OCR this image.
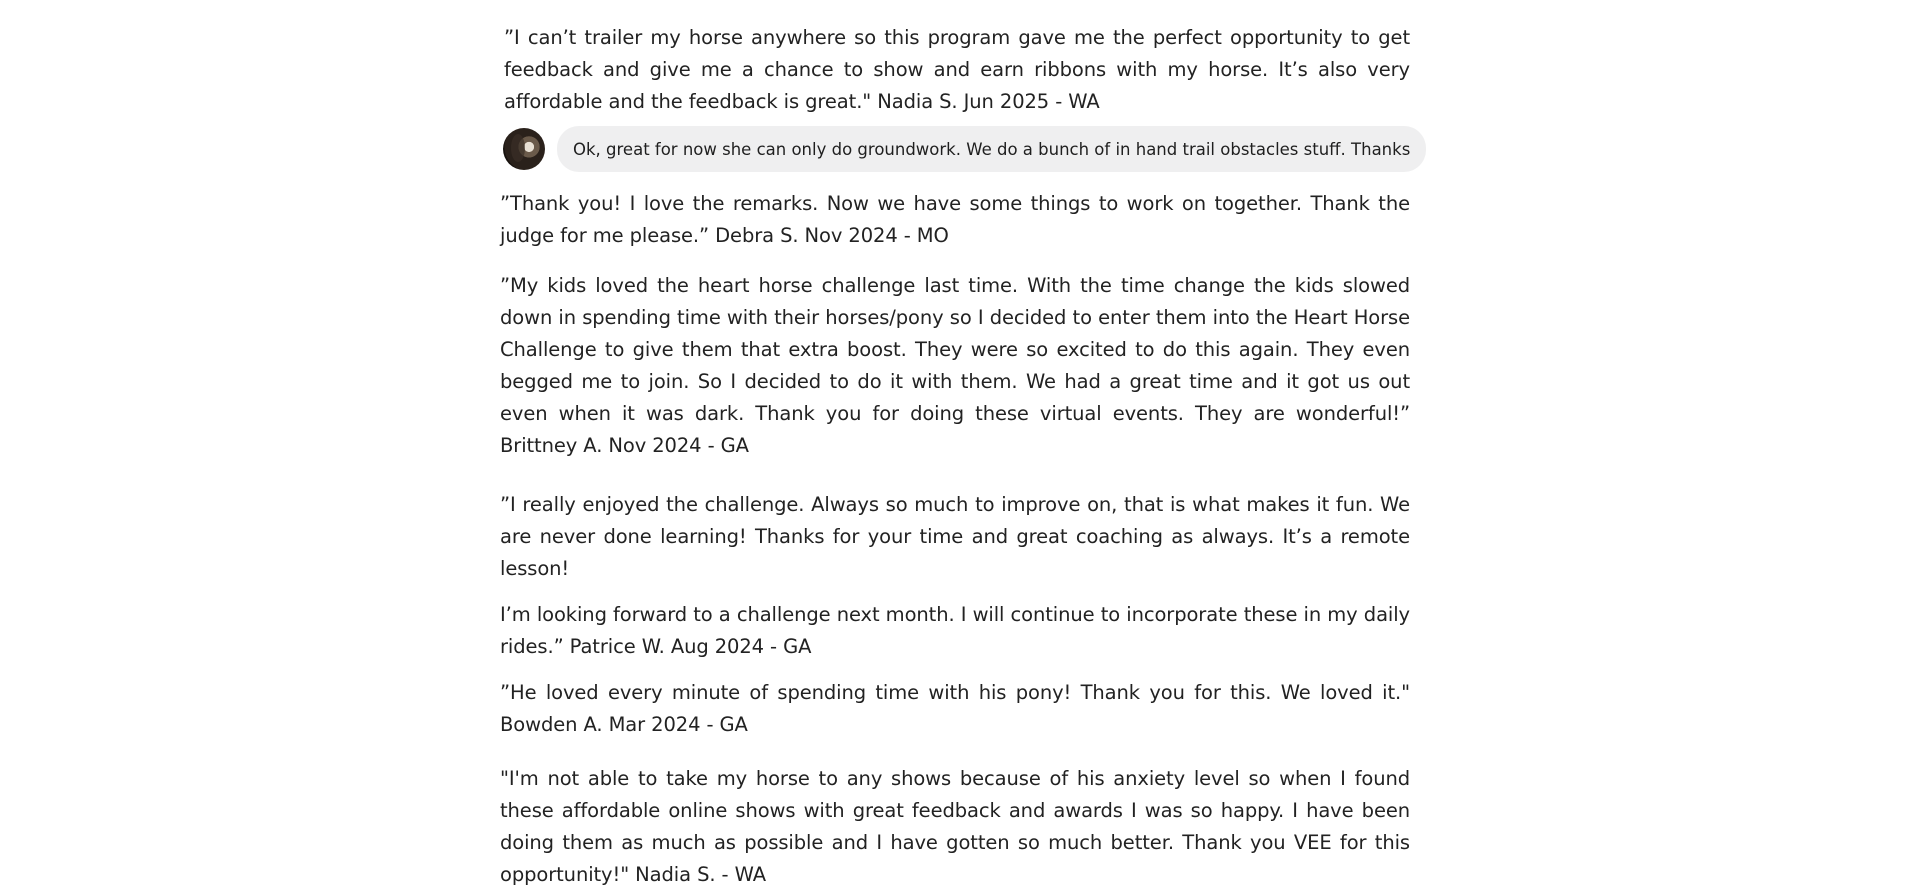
”I can’t trailer my horse anywhere so this program gave me the perfect opportunity to get feedback and give me a chance to show and earn ribbons with my horse. It’s also very affordable and the feedback is great." Nadia S. Jun 2025 - WA

Ok, great for now she can only do groundwork. We do a bunch of in hand trail obstacles stuff. Thanks

”Thank you! I love the remarks. Now we have some things to work on together. Thank the judge for me please.” Debra S. Nov 2024 - MO

”My kids loved the heart horse challenge last time. With the time change the kids slowed down in spending time with their horses/pony so I decided to enter them into the Heart Horse Challenge to give them that extra boost. They were so excited to do this again. They even begged me to join. So I decided to do it with them. We had a great time and it got us out even when it was dark. Thank you for doing these virtual events. They are wonderful!” Brittney A. Nov 2024 - GA

”I really enjoyed the challenge. Always so much to improve on, that is what makes it fun. We are never done learning! Thanks for your time and great coaching as always. It’s a remote lesson!

I’m looking forward to a challenge next month. I will continue to incorporate these in my daily rides.” Patrice W. Aug 2024 - GA

”He loved every minute of spending time with his pony! Thank you for this. We loved it." Bowden A. Mar 2024 - GA

"I'm not able to take my horse to any shows because of his anxiety level so when I found these affordable online shows with great feedback and awards I was so happy. I have been doing them as much as possible and I have gotten so much better. Thank you VEE for this opportunity!" Nadia S. - WA
